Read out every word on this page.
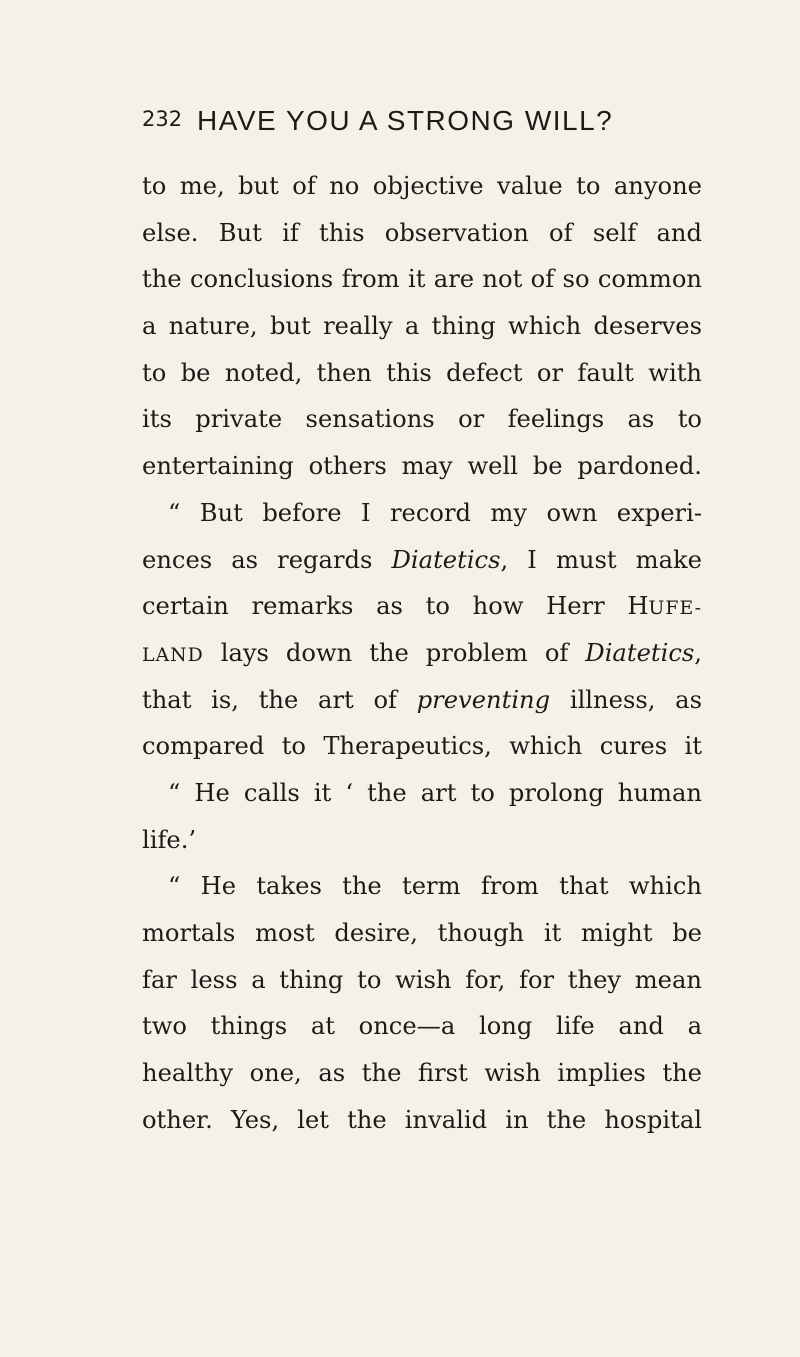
232 HAVE YOU A STRONG WILL?
to me, but of no objective value to anyone
else. But if this observation of self and
the conclusions from it are not of so common
a nature, but really a thing which deserves
to be noted, then this defect or fault with
its private sensations or feelings as to
entertaining others may well be pardoned.
“ But before I record my own experi-
ences as regards Diatetics, I must make
certain remarks as to how Herr HUFE-
LAND lays down the problem of Diatetics,
that is, the art of preventing illness, as
compared to Therapeutics, which cures it
“ He calls it ‘ the art to prolong human
life.’
“ He takes the term from that which
mortals most desire, though it might be
far less a thing to wish for, for they mean
two things at once—a long life and a
healthy one, as the first wish implies the
other. Yes, let the invalid in the hospital
